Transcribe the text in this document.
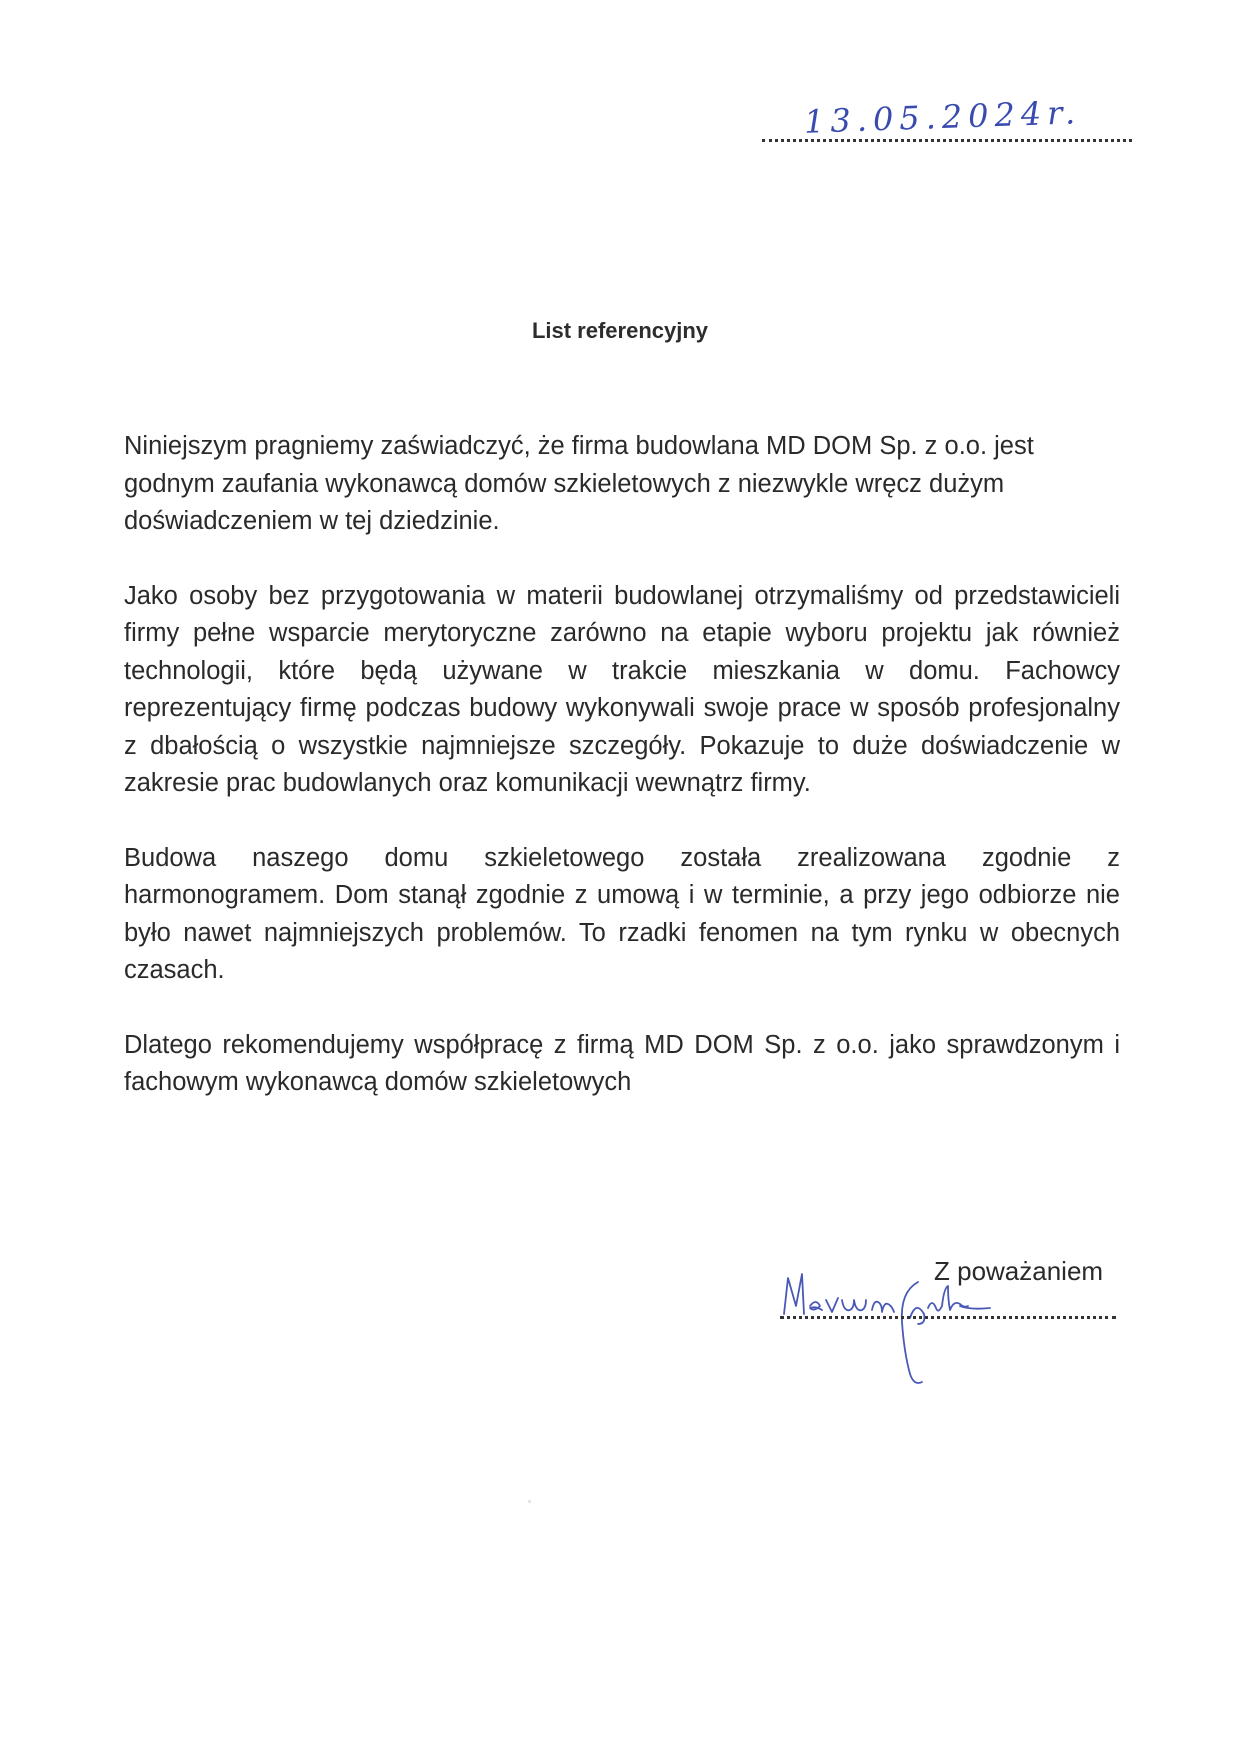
13.05.2024r.
List referencyjny

Niniejszym pragniemy zaświadczyć, że firma budowlana MD DOM Sp. z o.o. jest godnym zaufania wykonawcą domów szkieletowych z niezwykle wręcz dużym doświadczeniem w tej dziedzinie.

Jako osoby bez przygotowania w materii budowlanej otrzymaliśmy od przedstawicieli firmy pełne wsparcie merytoryczne zarówno na etapie wyboru projektu jak również technologii, które będą używane w trakcie mieszkania w domu. Fachowcy reprezentujący firmę podczas budowy wykonywali swoje prace w sposób profesjonalny z dbałością o wszystkie najmniejsze szczegóły. Pokazuje to duże doświadczenie w zakresie prac budowlanych oraz komunikacji wewnątrz firmy.

Budowa naszego domu szkieletowego została zrealizowana zgodnie z harmonogramem. Dom stanął zgodnie z umową i w terminie, a przy jego odbiorze nie było nawet najmniejszych problemów. To rzadki fenomen na tym rynku w obecnych czasach.

Dlatego rekomendujemy współpracę z firmą MD DOM Sp. z o.o. jako sprawdzonym i fachowym wykonawcą domów szkieletowych

Z poważaniem
